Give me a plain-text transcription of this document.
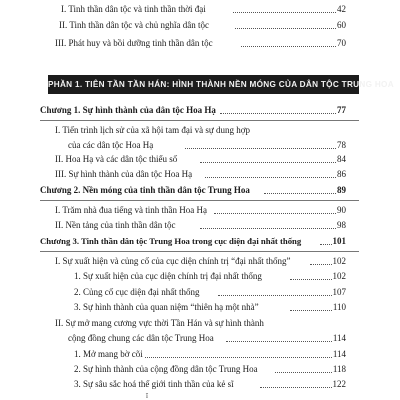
I. Tinh thần dân tộc và tinh thần thời đại	42
II. Tinh thần dân tộc và chủ nghĩa dân tộc	60
III. Phát huy và bồi dưỡng tinh thần dân tộc	70
PHẦN 1. TIÊN TẦN TẦN HÁN: HÌNH THÀNH NỀN MÓNG CỦA DÂN TỘC TRUNG HOA
Chương 1. Sự hình thành của dân tộc Hoa Hạ	77
I. Tiến trình lịch sử của xã hội tam đại và sự dung hợp
của các dân tộc Hoa Hạ	78
II. Hoa Hạ và các dân tộc thiểu số	84
III. Sự hình thành của dân tộc Hoa Hạ	86
Chương 2. Nền móng của tinh thần dân tộc Trung Hoa	89
I. Trăm nhà đua tiếng và tinh thần Hoa Hạ	90
II. Nền tảng của tinh thần dân tộc	98
Chương 3. Tinh thần dân tộc Trung Hoa trong cục diện đại nhất thống	101
I. Sự xuất hiện và củng cố của cục diện chính trị “đại nhất thống”	102
1. Sự xuất hiện của cục diện chính trị đại nhất thống	102
2. Củng cố cục diện đại nhất thống	107
3. Sự hình thành của quan niệm “thiên hạ một nhà”	110
II. Sự mở mang cương vực thời Tần Hán và sự hình thành
cộng đồng chung các dân tộc Trung Hoa	114
1. Mở mang bờ cõi	114
2. Sự hình thành của cộng đồng dân tộc Trung Hoa	118
3. Sự sâu sắc hoá thế giới tinh thần của kẻ sĩ	122
ĩ
